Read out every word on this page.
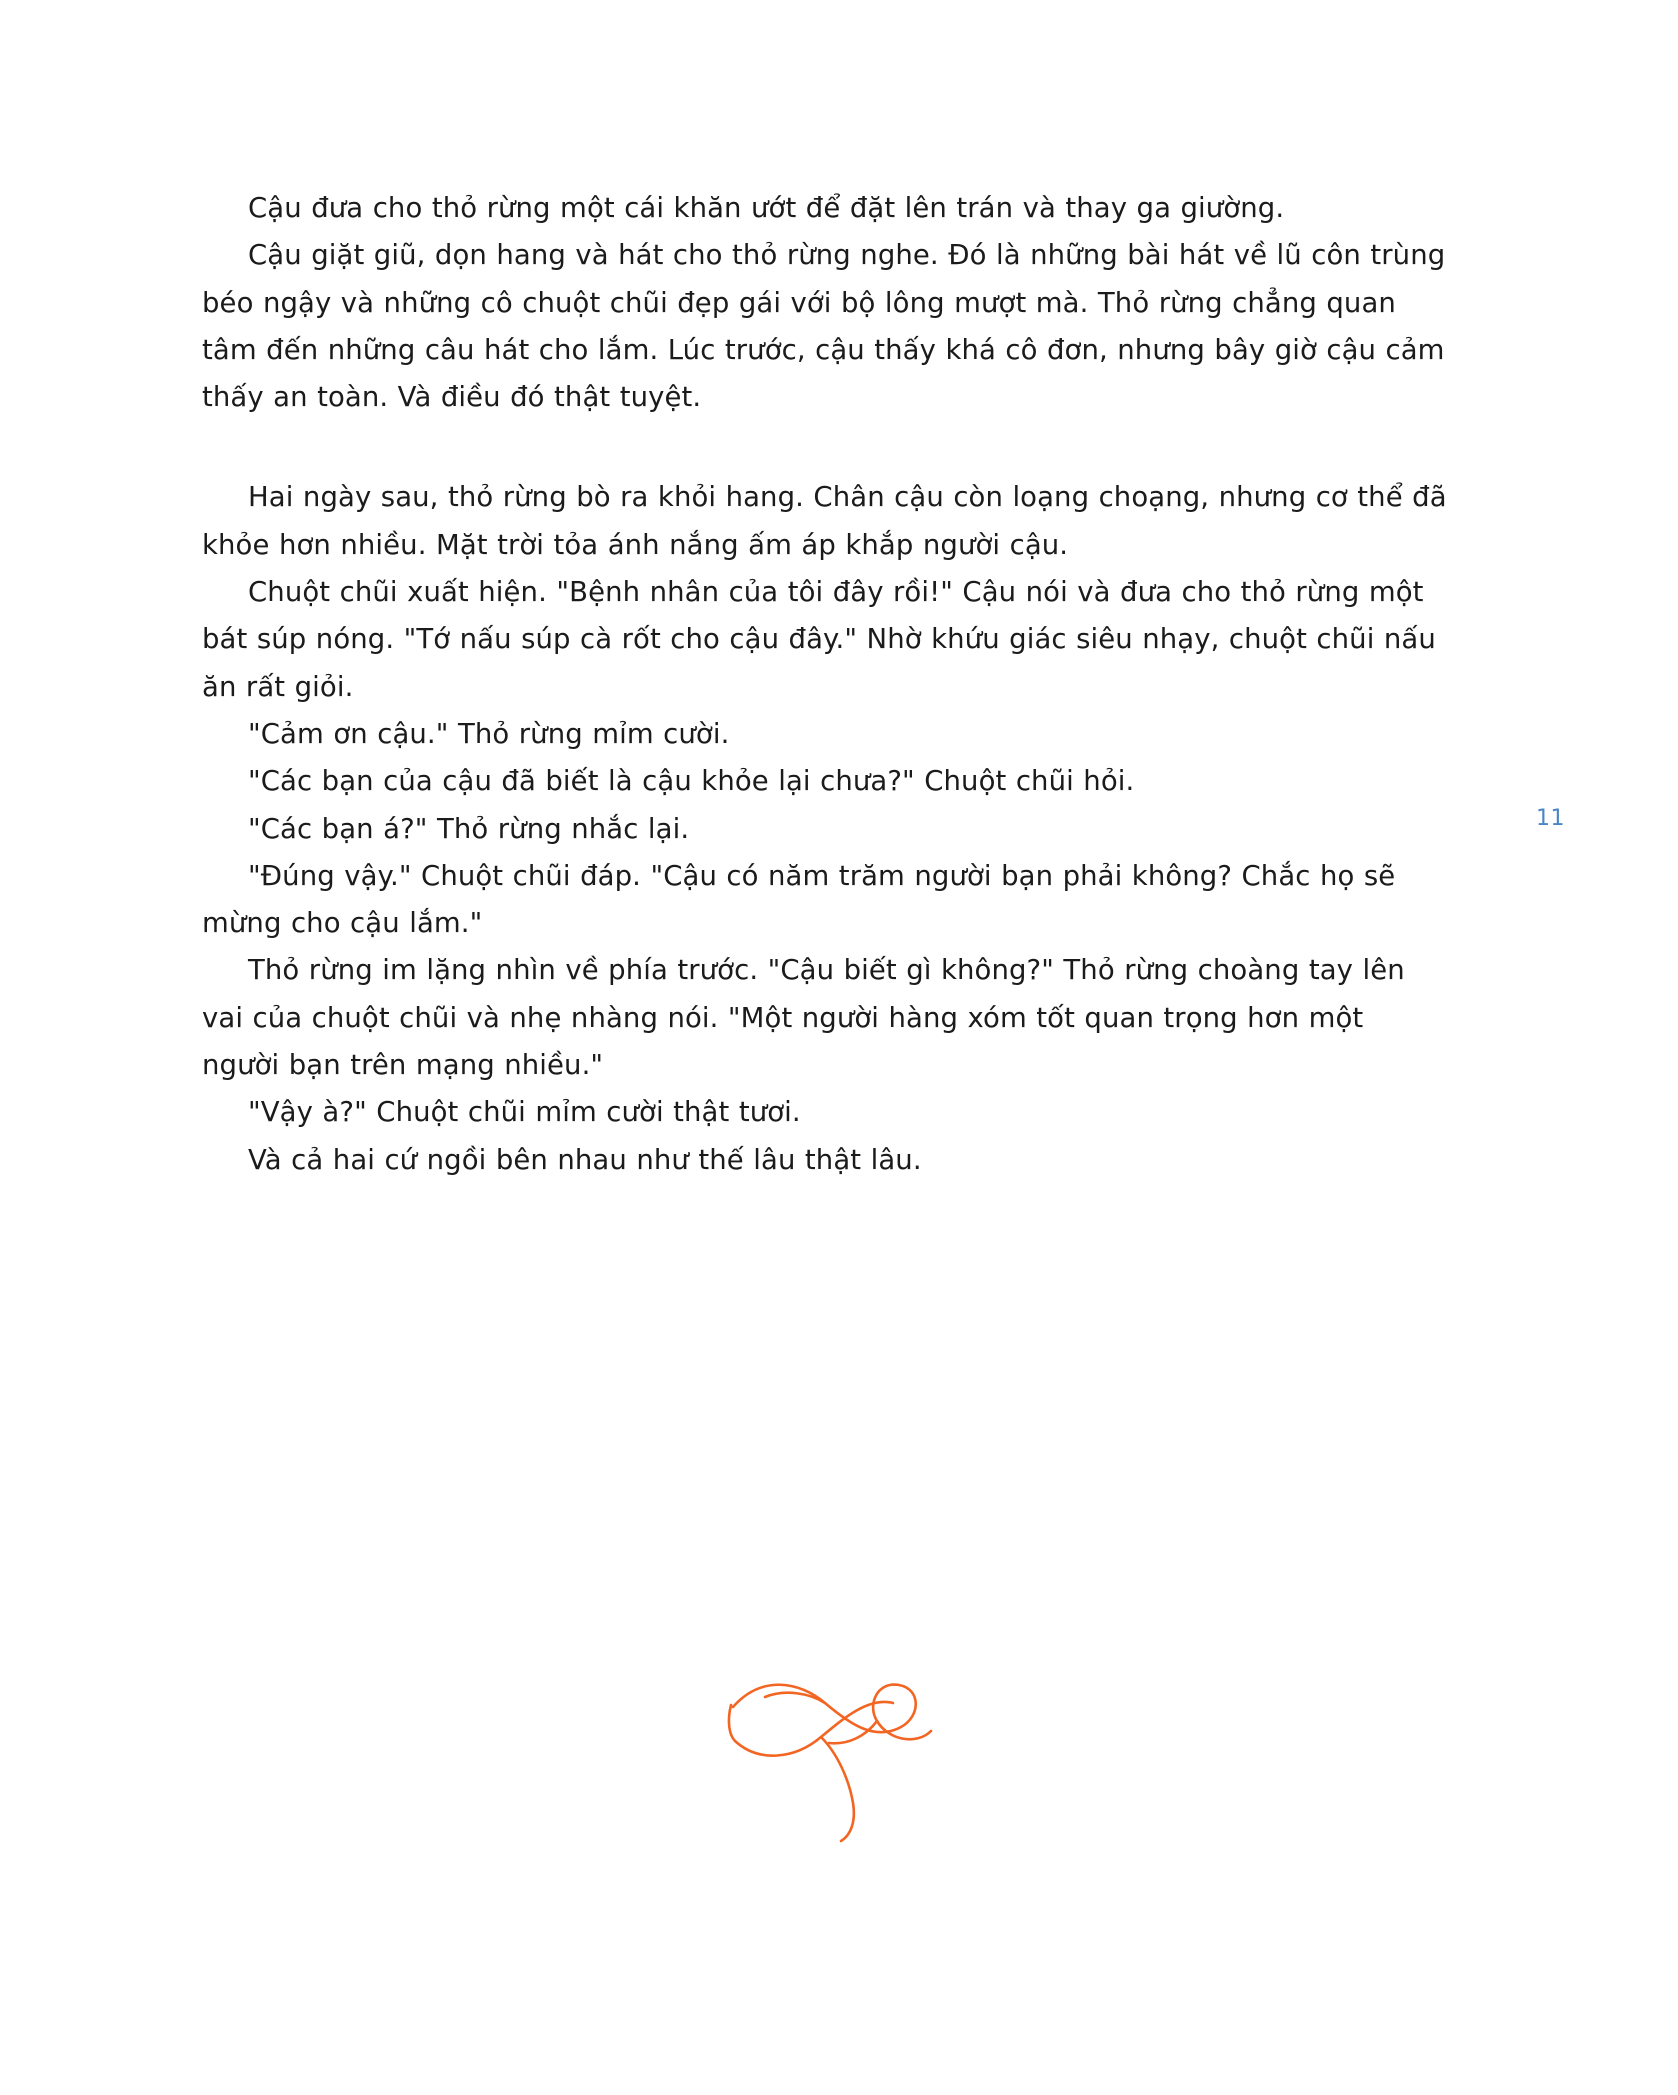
Cậu đưa cho thỏ rừng một cái khăn ướt để đặt lên trán và thay ga giường.

Cậu giặt giũ, dọn hang và hát cho thỏ rừng nghe. Đó là những bài hát về lũ côn trùng béo ngậy và những cô chuột chũi đẹp gái với bộ lông mượt mà. Thỏ rừng chẳng quan tâm đến những câu hát cho lắm. Lúc trước, cậu thấy khá cô đơn, nhưng bây giờ cậu cảm thấy an toàn. Và điều đó thật tuyệt.

Hai ngày sau, thỏ rừng bò ra khỏi hang. Chân cậu còn loạng choạng, nhưng cơ thể đã khỏe hơn nhiều. Mặt trời tỏa ánh nắng ấm áp khắp người cậu.

Chuột chũi xuất hiện. "Bệnh nhân của tôi đây rồi!" Cậu nói và đưa cho thỏ rừng một bát súp nóng. "Tớ nấu súp cà rốt cho cậu đây." Nhờ khứu giác siêu nhạy, chuột chũi nấu ăn rất giỏi.

"Cảm ơn cậu." Thỏ rừng mỉm cười.

"Các bạn của cậu đã biết là cậu khỏe lại chưa?" Chuột chũi hỏi.

"Các bạn á?" Thỏ rừng nhắc lại.

"Đúng vậy." Chuột chũi đáp. "Cậu có năm trăm người bạn phải không? Chắc họ sẽ mừng cho cậu lắm."

Thỏ rừng im lặng nhìn về phía trước. "Cậu biết gì không?" Thỏ rừng choàng tay lên vai của chuột chũi và nhẹ nhàng nói. "Một người hàng xóm tốt quan trọng hơn một người bạn trên mạng nhiều."

"Vậy à?" Chuột chũi mỉm cười thật tươi.

Và cả hai cứ ngồi bên nhau như thế lâu thật lâu.

11
